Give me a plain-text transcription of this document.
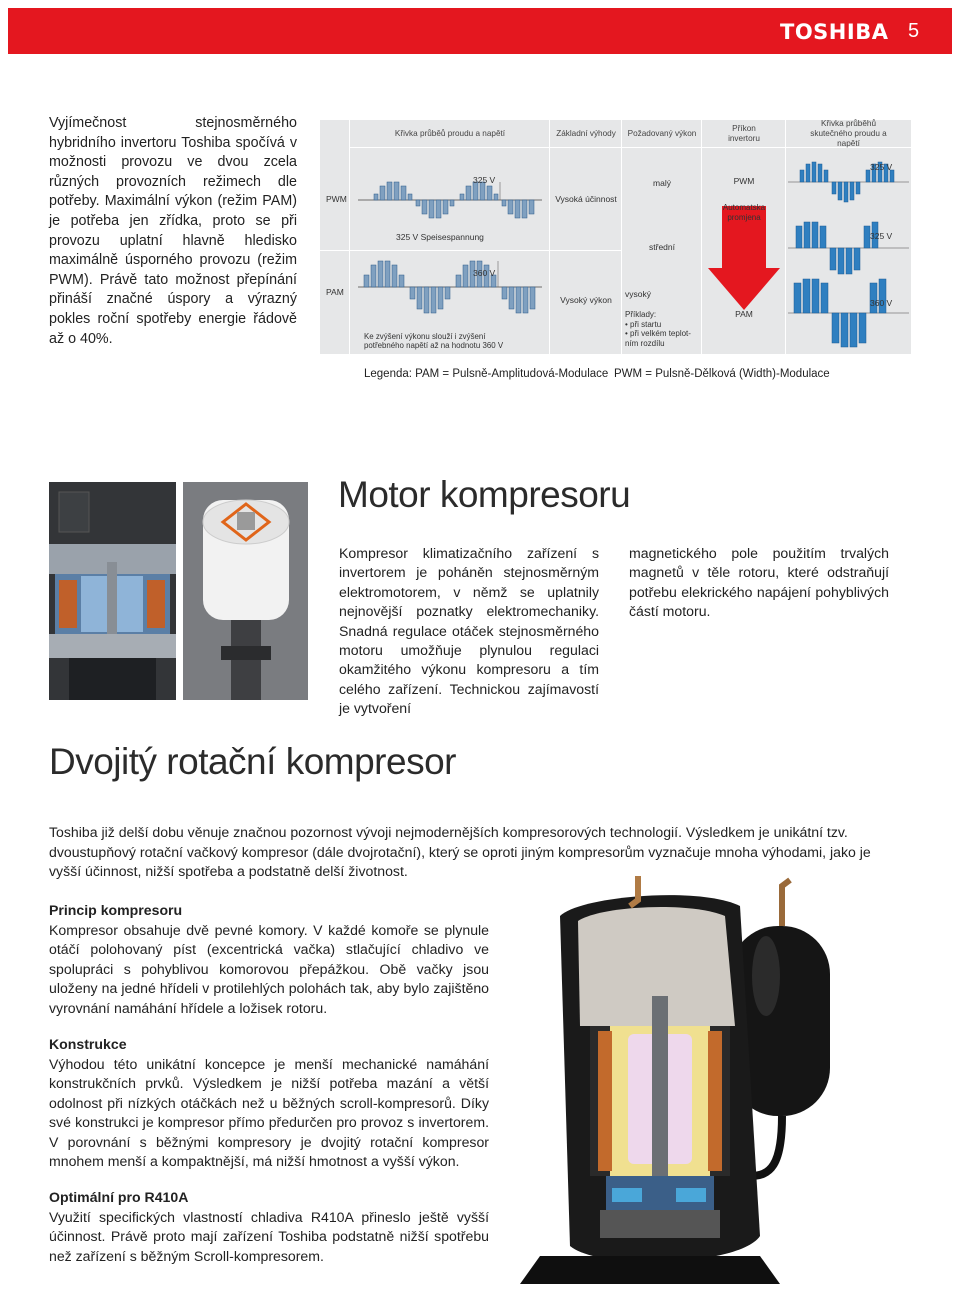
TOSHIBA 5

Vyjímečnost stejnosměrného hybridního invertoru Toshiba spočívá v možnosti provozu ve dvou zcela různých provozních režimech dle potřeby. Maximální výkon (režim PAM) je potřeba jen zřídka, proto se při provozu uplatní hlavně hledisko maximálně úsporného provozu (režim PWM). Právě tato možnost přepínání přináší značné úspory a výrazný pokles roční spotřeby energie řádově až o 40%.

Křivka průběů proudu a napětí	Základní výhody	Požadovaný výkon
Příkon invertoru
Křivka průběhů skutečného proudu a napětí
PWM
PAM
325 V
325 V Speisespannung
360 V
Ke zvýšení výkonu slouží i zvýšení potřebného napětí až na hodnotu 360 V
Vysoká účinnost
Vysoký výkon
malý
střední
vysoký
Příklady:
• při startu
• při velkém teplot-
ním rozdílu
PWM
Automatska promjena
PAM
325 V
325 V
360 V
Legenda: PAM = Pulsně-Amplitudová-Modulace PWM = Pulsně-Dělková (Width)-Modulace
Motor kompresoru

Kompresor klimatizačního zařízení s invertorem je poháněn stejnosměrným elektromotorem, v němž se uplatnily nejnovější poznatky elektromechaniky. Snadná regulace otáček stejnosměrného motoru umožňuje plynulou regulaci okamžitého výkonu kompresoru a tím celého zařízení. Technickou zajímavostí je vytvoření

magnetického pole použitím trvalých magnetů v těle rotoru, které odstraňují potřebu elekrického napájení pohyblivých částí motoru.

Dvojitý rotační kompresor

Toshiba již delší dobu věnuje značnou pozornost vývoji nejmodernějších kompresorových technologií. Výsledkem je unikátní tzv. dvoustupňový rotační vačkový kompresor (dále dvojrotační), který se oproti jiným kompresorům vyznačuje mnoha výhodami, jako je vyšší účinnost, nižší spotřeba a podstatně delší životnost.

Princip kompresoru
Kompresor obsahuje dvě pevné komory. V každé komoře se plynule otáčí polohovaný píst (excentrická vačka) stlačující chladivo ve spolupráci s pohyblivou komorovou přepážkou. Obě vačky jsou uloženy na jedné hřídeli v protilehlých polohách tak, aby bylo zajištěno vyrovnání namáhání hřídele a ložisek rotoru.
Konstrukce
Výhodou této unikátní koncepce je menší mechanické namáhání konstrukčních prvků. Výsledkem je nižší potřeba mazání a větší odolnost při nízkých otáčkách než u běžných scroll-kompresorů. Díky své konstrukci je kompresor přímo předurčen pro provoz s invertorem. V porovnání s běžnými kompresory je dvojitý rotační kompresor mnohem menší a kompaktnější, má nižší hmotnost a vyšší výkon.
Optimální pro R410A
Využití specifických vlastností chladiva R410A přineslo ještě vyšší účinnost. Právě proto mají zařízení Toshiba podstatně nižší spotřebu než zařízení s běžným Scroll-kompresorem.
